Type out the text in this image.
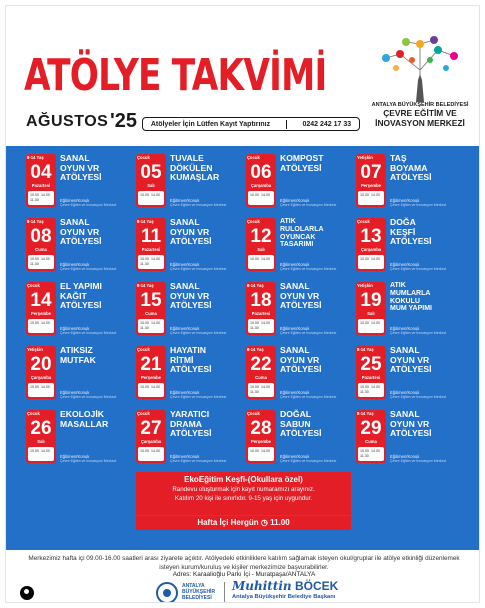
ATÖLYE TAKVİMİ
AĞUSTOS '25 Atölyeler İçin Lütfen Kayıt Yaptırınız	0242 242 17 33
ANTALYA BÜYÜKŞEHİR BELEDİYESİ
ÇEVRE EĞİTİM VE
İNOVASYON MERKEZİ
8-14 Yaş
04
Pazartesi
10.00
11.30
14.00
SANAL
OYUN VR
ATÖLYESİ
Eğitimen/Konuk
Çevre Eğitim ve İnovasyon Merkezi
Çocuk
05
Salı
10.00 14.00
TUVALE
DÖKÜLEN
KUMAŞLAR
Eğitimen/Konuk
Çevre Eğitim ve İnovasyon Merkezi
Çocuk
06
Çarşamba
10.00 14.00
KOMPOST
ATÖLYESİ
Eğitimen/Konuk
Çevre Eğitim ve İnovasyon Merkezi
Yetişkin
07
Perşembe
10.00 14.00
TAŞ
BOYAMA
ATÖLYESİ
Eğitimen/Konuk
Çevre Eğitim ve İnovasyon Merkezi
8-14 Yaş
08
Cuma
10.00
11.30
14.00
SANAL
OYUN VR
ATÖLYESİ
Eğitimen/Konuk
Çevre Eğitim ve İnovasyon Merkezi
8-14 Yaş
11
Pazartesi
10.00
11.30
14.00
SANAL
OYUN VR
ATÖLYESİ
Eğitimen/Konuk
Çevre Eğitim ve İnovasyon Merkezi
Çocuk
12
Salı
10.00 14.00
ATIK
RULOLARLA
OYUNCAK
TASARIMI
Eğitimen/Konuk
Çevre Eğitim ve İnovasyon Merkezi
Çocuk
13
Çarşamba
10.00 14.00
DOĞA
KEŞFİ
ATÖLYESİ
Eğitimen/Konuk
Çevre Eğitim ve İnovasyon Merkezi
Çocuk
14
Perşembe
10.00 14.00
EL YAPIMI
KAĞIT
ATÖLYESİ
Eğitimen/Konuk
Çevre Eğitim ve İnovasyon Merkezi
8-14 Yaş
15
Cuma
10.00
11.30
14.00
SANAL
OYUN VR
ATÖLYESİ
Eğitimen/Konuk
Çevre Eğitim ve İnovasyon Merkezi
8-14 Yaş
18
Pazartesi
10.00
11.30
14.00
SANAL
OYUN VR
ATÖLYESİ
Eğitimen/Konuk
Çevre Eğitim ve İnovasyon Merkezi
Yetişkin
19
Salı
10.00 14.00
ATIK
MUMLARLA
KOKULU
MUM YAPIMI
Eğitimen/Konuk
Çevre Eğitim ve İnovasyon Merkezi
Yetişkin
20
Çarşamba
10.00 14.00
ATIKSIZ
MUTFAK
Eğitimen/Konuk
Çevre Eğitim ve İnovasyon Merkezi
Çocuk
21
Perşembe
10.00 14.00
HAYATIN
RİTMİ
ATÖLYESİ
Eğitimen/Konuk
Çevre Eğitim ve İnovasyon Merkezi
8-14 Yaş
22
Cuma
10.00
11.30
14.00
SANAL
OYUN VR
ATÖLYESİ
Eğitimen/Konuk
Çevre Eğitim ve İnovasyon Merkezi
8-14 Yaş
25
Pazartesi
10.00
11.30
14.00
SANAL
OYUN VR
ATÖLYESİ
Eğitimen/Konuk
Çevre Eğitim ve İnovasyon Merkezi
Çocuk
26
Salı
10.00 14.00
EKOLOJİK
MASALLAR
Eğitimen/Konuk
Çevre Eğitim ve İnovasyon Merkezi
Çocuk
27
Çarşamba
10.00 14.00
YARATICI
DRAMA
ATÖLYESİ
Eğitimen/Konuk
Çevre Eğitim ve İnovasyon Merkezi
Çocuk
28
Perşembe
10.00 14.00
DOĞAL
SABUN
ATÖLYESİ
Eğitimen/Konuk
Çevre Eğitim ve İnovasyon Merkezi
8-14 Yaş
29
Cuma
10.00
11.30
14.00
SANAL
OYUN VR
ATÖLYESİ
Eğitimen/Konuk
Çevre Eğitim ve İnovasyon Merkezi
EkoEğitim Keşfi-(Okullara özel)
Randevu oluşturmak için kayıt numaramızı arayınız.
Katılım 20 kişi ile sınırlıdır. 9-15 yaş için uygundur.
Hafta İçi Hergün ◷ 11.00
Merkezimiz hafta içi 09.00-16.00 saatleri arası ziyarete açıktır. Atölyedeki etkinliklere katılım sağlamak isteyen okul/gruplar ile atölye etkinliği düzenlemek isteyen kurum/kuruluş ve kişiler merkezimize başvurabilirler.
Adres: Karaalioğlu Parkı İçi - Muratpaşa/ANTALYA
ANTALYA
BÜYÜKŞEHİR
BELEDİYESİ
Muhittin BÖCEK
Antalya Büyükşehir Belediye Başkanı
